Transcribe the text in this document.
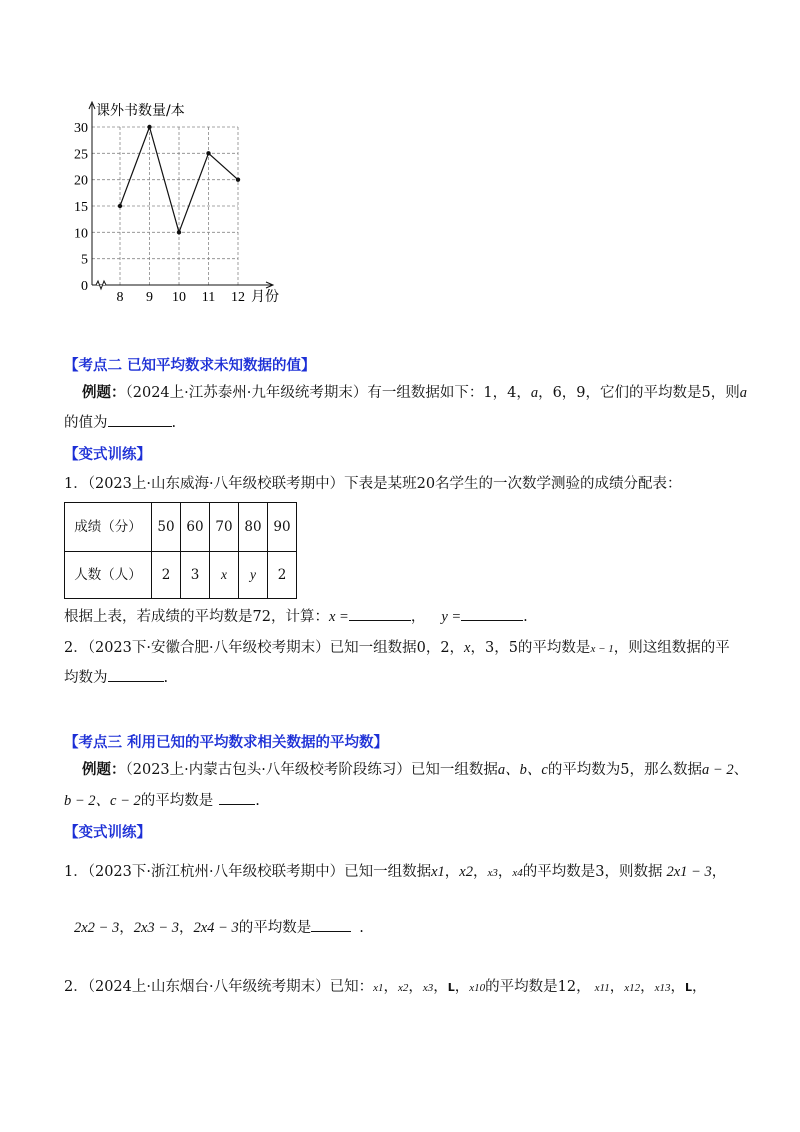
0
5
10
15
20
25
30
8 9 10 11 12
课外书数量/本
月份
【考点二 已知平均数求未知数据的值】
例题：（2024上·江苏泰州·九年级统考期末）有一组数据如下：1，4，a，6，9，它们的平均数是5，则a
的值为	.
【变式训练】
1．（2023上·山东威海·八年级校联考期中）下表是某班20名学生的一次数学测验的成绩分配表：
成绩（分）	50	60	70	80	90
人数（人）	2	3	x	y	2
根据上表，若成绩的平均数是72，计算：x =	， y =	.
2．（2023下·安徽合肥·八年级校考期末）已知一组数据0，2，x，3，5的平均数是x − 1，则这组数据的平
均数为	.
【考点三 利用已知的平均数求相关数据的平均数】
例题：（2023上·内蒙古包头·八年级校考阶段练习）已知一组数据a、b、c的平均数为5，那么数据a − 2、
b − 2、c − 2的平均数是	.
【变式训练】
1．（2023下·浙江杭州·八年级校联考期中）已知一组数据x1，x2，x3，x4的平均数是3，则数据 2x1 − 3，
2x2 − 3，2x3 − 3，2x4 − 3的平均数是	.
2．（2024上·山东烟台·八年级统考期末）已知：x1，x2，x3，L，x10的平均数是12， x11，x12，x13，L，
